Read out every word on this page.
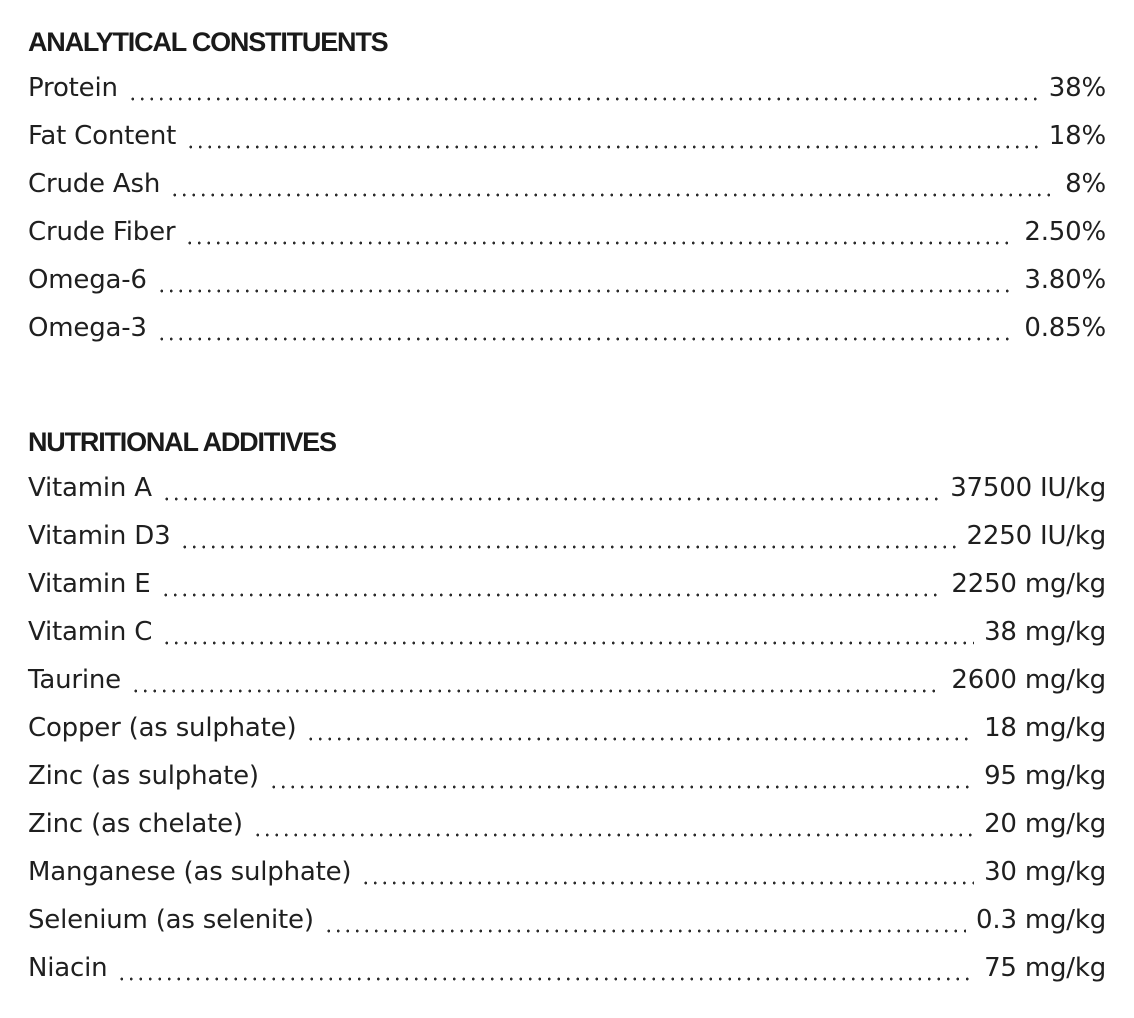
ANALYTICAL CONSTITUENTS
Protein	38%
Fat Content	18%
Crude Ash	8%
Crude Fiber	2.50%
Omega-6	3.80%
Omega-3	0.85%
NUTRITIONAL ADDITIVES
Vitamin A	37500 IU/kg
Vitamin D3	2250 IU/kg
Vitamin E	2250 mg/kg
Vitamin C	38 mg/kg
Taurine	2600 mg/kg
Copper (as sulphate)	18 mg/kg
Zinc (as sulphate)	95 mg/kg
Zinc (as chelate)	20 mg/kg
Manganese (as sulphate)	30 mg/kg
Selenium (as selenite)	0.3 mg/kg
Niacin	75 mg/kg
